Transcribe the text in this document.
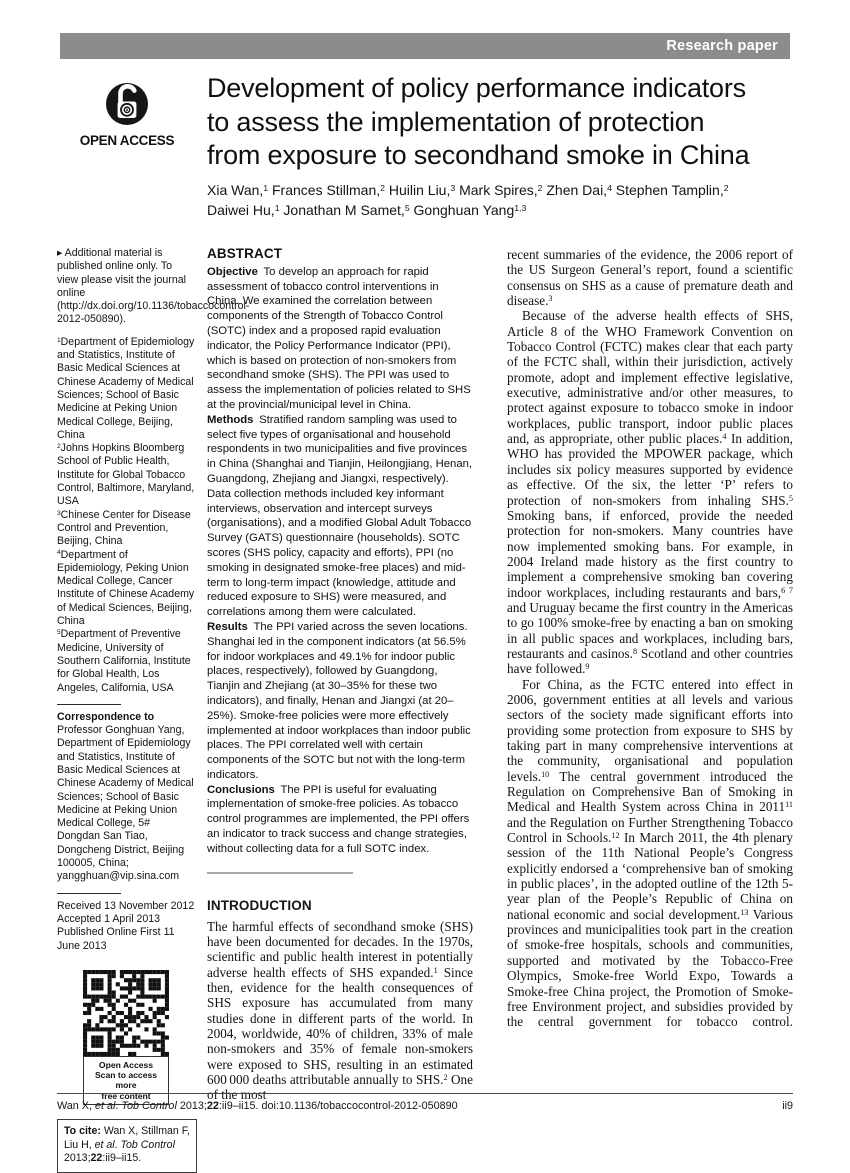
Research paper
OPEN ACCESS
Development of policy performance indicators
to assess the implementation of protection
from exposure to secondhand smoke in China
Xia Wan,$^1$ Frances Stillman,$^2$ Huilin Liu,$^3$ Mark Spires,$^2$ Zhen Dai,$^4$ Stephen Tamplin,$^2$
Daiwei Hu,$^1$ Jonathan M Samet,$^5$ Gonghuan Yang$^{1,3}$
▸ Additional material is published online only. To view please visit the journal online (http://dx.doi.org/10.1136/tobaccocontrol-2012-050890).
$^1$Department of Epidemiology and Statistics, Institute of Basic Medical Sciences at Chinese Academy of Medical Sciences; School of Basic Medicine at Peking Union Medical College, Beijing, China
$^2$Johns Hopkins Bloomberg School of Public Health, Institute for Global Tobacco Control, Baltimore, Maryland, USA
$^3$Chinese Center for Disease Control and Prevention, Beijing, China
$^4$Department of Epidemiology, Peking Union Medical College, Cancer Institute of Chinese Academy of Medical Sciences, Beijing, China
$^5$Department of Preventive Medicine, University of Southern California, Institute for Global Health, Los Angeles, California, USA
Correspondence to
Professor Gonghuan Yang, Department of Epidemiology and Statistics, Institute of Basic Medical Sciences at Chinese Academy of Medical Sciences; School of Basic Medicine at Peking Union Medical College, 5# Dongdan San Tiao, Dongcheng District, Beijing 100005, China; yangghuan@vip.sina.com
Received 13 November 2012
Accepted 1 April 2013
Published Online First 11 June 2013
Open Access
Scan to access more
free content
To cite: Wan X, Stillman F, Liu H, et al. Tob Control 2013;22:ii9–ii15.
ABSTRACT

Objective To develop an approach for rapid assessment of tobacco control interventions in China. We examined the correlation between components of the Strength of Tobacco Control (SOTC) index and a proposed rapid evaluation indicator, the Policy Performance Indicator (PPI), which is based on protection of non-smokers from secondhand smoke (SHS). The PPI was used to assess the implementation of policies related to SHS at the provincial/municipal level in China.

Methods Stratified random sampling was used to select five types of organisational and household respondents in two municipalities and five provinces in China (Shanghai and Tianjin, Heilongjiang, Henan, Guangdong, Zhejiang and Jiangxi, respectively). Data collection methods included key informant interviews, observation and intercept surveys (organisations), and a modified Global Adult Tobacco Survey (GATS) questionnaire (households). SOTC scores (SHS policy, capacity and efforts), PPI (no smoking in designated smoke-free places) and mid-term to long-term impact (knowledge, attitude and reduced exposure to SHS) were measured, and correlations among them were calculated.

Results The PPI varied across the seven locations. Shanghai led in the component indicators (at 56.5% for indoor workplaces and 49.1% for indoor public places, respectively), followed by Guangdong, Tianjin and Zhejiang (at 30–35% for these two indicators), and finally, Henan and Jiangxi (at 20–25%). Smoke-free policies were more effectively implemented at indoor workplaces than indoor public places. The PPI correlated well with certain components of the SOTC but not with the long-term indicators.

Conclusions The PPI is useful for evaluating implementation of smoke-free policies. As tobacco control programmes are implemented, the PPI offers an indicator to track success and change strategies, without collecting data for a full SOTC index.

INTRODUCTION

The harmful effects of secondhand smoke (SHS) have been documented for decades. In the 1970s, scientific and public health interest in potentially adverse health effects of SHS expanded.$^1$ Since then, evidence for the health consequences of SHS exposure has accumulated from many studies done in different parts of the world. In 2004, worldwide, 40% of children, 33% of male non-smokers and 35% of female non-smokers were exposed to SHS, resulting in an estimated 600 000 deaths attributable annually to SHS.$^2$ One of the most

recent summaries of the evidence, the 2006 report of the US Surgeon General’s report, found a scientific consensus on SHS as a cause of premature death and disease.$^3$

Because of the adverse health effects of SHS, Article 8 of the WHO Framework Convention on Tobacco Control (FCTC) makes clear that each party of the FCTC shall, within their jurisdiction, actively promote, adopt and implement effective legislative, executive, administrative and/or other measures, to protect against exposure to tobacco smoke in indoor workplaces, public transport, indoor public places and, as appropriate, other public places.$^4$ In addition, WHO has provided the MPOWER package, which includes six policy measures supported by evidence as effective. Of the six, the letter ‘P’ refers to protection of non-smokers from inhaling SHS.$^5$ Smoking bans, if enforced, provide the needed protection for non-smokers. Many countries have now implemented smoking bans. For example, in 2004 Ireland made history as the first country to implement a comprehensive smoking ban covering indoor workplaces, including restaurants and bars,$^{6 7}$ and Uruguay became the first country in the Americas to go 100% smoke-free by enacting a ban on smoking in all public spaces and workplaces, including bars, restaurants and casinos.$^8$ Scotland and other countries have followed.$^9$

For China, as the FCTC entered into effect in 2006, government entities at all levels and various sectors of the society made significant efforts into providing some protection from exposure to SHS by taking part in many comprehensive interventions at the community, organisational and population levels.$^{10}$ The central government introduced the Regulation on Comprehensive Ban of Smoking in Medical and Health System across China in 2011$^{11}$ and the Regulation on Further Strengthening Tobacco Control in Schools.$^{12}$ In March 2011, the 4th plenary session of the 11th National People’s Congress explicitly endorsed a ‘comprehensive ban of smoking in public places’, in the adopted outline of the 12th 5-year plan of the People’s Republic of China on national economic and social development.$^{13}$ Various provinces and municipalities took part in the creation of smoke-free hospitals, schools and communities, supported and motivated by the Tobacco-Free Olympics, Smoke-free World Expo, Towards a Smoke-free China project, the Promotion of Smoke-free Environment project, and subsidies provided by the central government for tobacco control.

Wan X, et al. Tob Control 2013;22:ii9–ii15. doi:10.1136/tobaccocontrol-2012-050890	ii9
